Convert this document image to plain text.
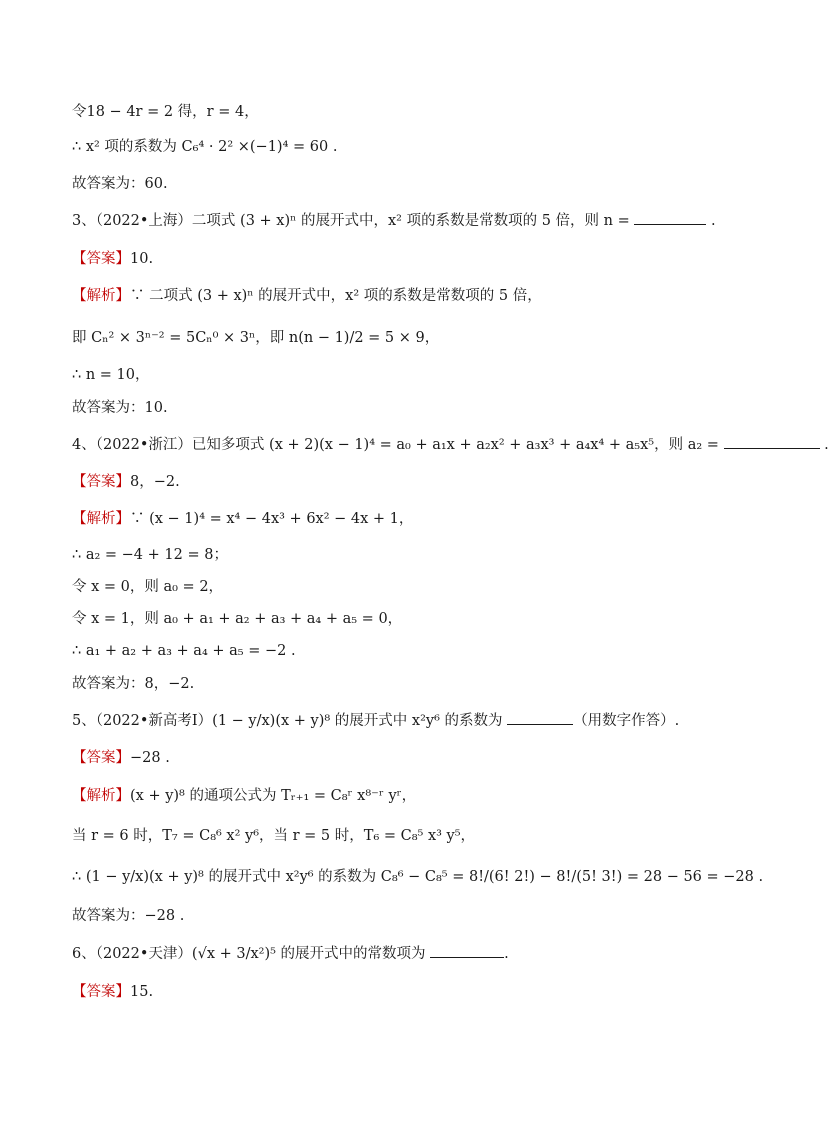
令18 − 4r = 2 得，r = 4，
∴ x² 项的系数为 C₆⁴ · 2² ×(−1)⁴ = 60 .
故答案为：60.
3、（2022•上海）二项式 (3 + x)ⁿ 的展开式中，x² 项的系数是常数项的 5 倍，则 n =	.
【答案】10.
【解析】∵ 二项式 (3 + x)ⁿ 的展开式中，x² 项的系数是常数项的 5 倍，
即 Cₙ² × 3ⁿ⁻² = 5Cₙ⁰ × 3ⁿ，即 n(n − 1)/2 = 5 × 9，
∴ n = 10，
故答案为：10.
4、（2022•浙江）已知多项式 (x + 2)(x − 1)⁴ = a₀ + a₁x + a₂x² + a₃x³ + a₄x⁴ + a₅x⁵，则 a₂ =	.
【答案】8，−2.
【解析】∵ (x − 1)⁴ = x⁴ − 4x³ + 6x² − 4x + 1，
∴ a₂ = −4 + 12 = 8；
令 x = 0，则 a₀ = 2，
令 x = 1，则 a₀ + a₁ + a₂ + a₃ + a₄ + a₅ = 0，
∴ a₁ + a₂ + a₃ + a₄ + a₅ = −2 .
故答案为：8，−2.
5、（2022•新高考Ⅰ）(1 − y/x)(x + y)⁸ 的展开式中 x²y⁶ 的系数为	（用数字作答）.
【答案】−28 .
【解析】(x + y)⁸ 的通项公式为 Tᵣ₊₁ = C₈ʳ x⁸⁻ʳ yʳ，
当 r = 6 时，T₇ = C₈⁶ x² y⁶，当 r = 5 时，T₆ = C₈⁵ x³ y⁵，
∴ (1 − y/x)(x + y)⁸ 的展开式中 x²y⁶ 的系数为 C₈⁶ − C₈⁵ = 8!/(6! 2!) − 8!/(5! 3!) = 28 − 56 = −28 .
故答案为：−28 .
6、（2022•天津）(√x + 3/x²)⁵ 的展开式中的常数项为	.
【答案】15.
